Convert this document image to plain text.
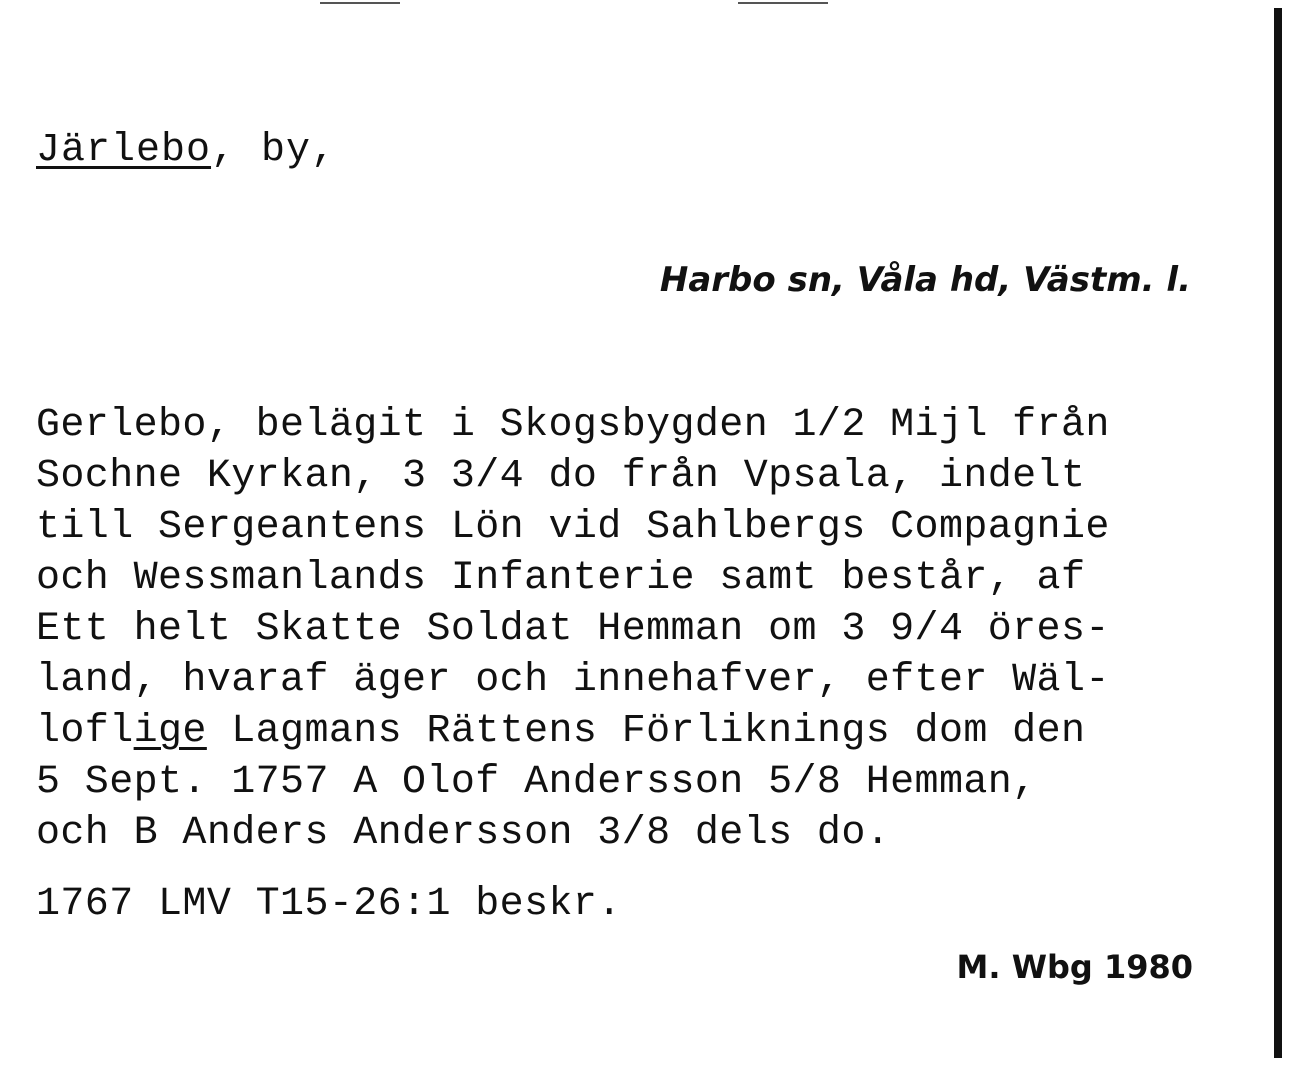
Järlebo, by,
Harbo sn, Våla hd, Västm. l.
Gerlebo, belägit i Skogsbygden 1/2 Mijl från
Sochne Kyrkan, 3 3/4 do från Vpsala, indelt
till Sergeantens Lön vid Sahlbergs Compagnie
och Wessmanlands Infanterie samt består, af
Ett helt Skatte Soldat Hemman om 3 9/4 öres-
land, hvaraf äger och innehafver, efter Wäl-
loflige Lagmans Rättens Förliknings dom den
5 Sept. 1757 A Olof Andersson 5/8 Hemman,
och B Anders Andersson 3/8 dels do.
1767 LMV T15-26:1 beskr.
M. Wbg 1980
